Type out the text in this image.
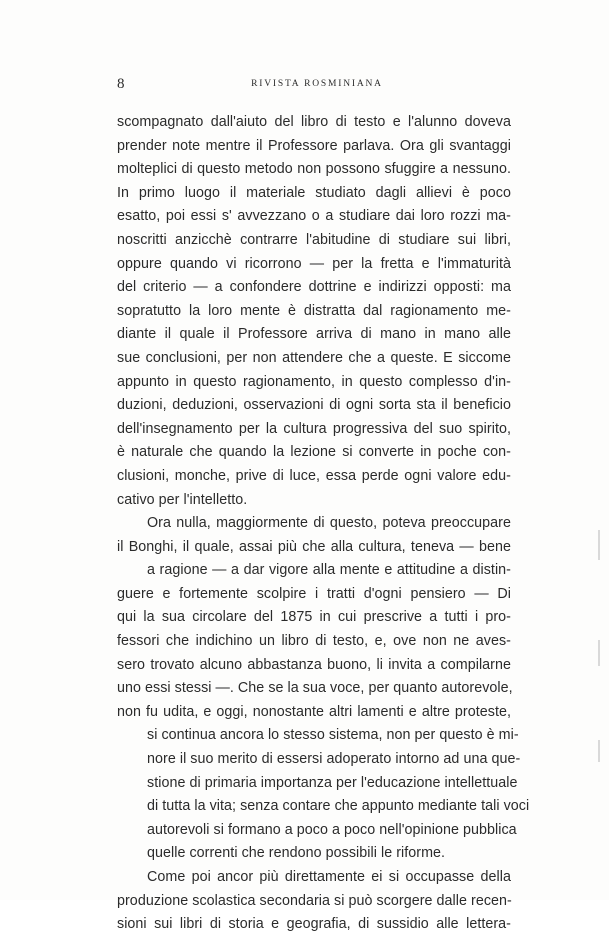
8	RIVISTA ROSMINIANA
scompagnato dall'aiuto del libro di testo e l'alunno doveva
prender note mentre il Professore parlava. Ora gli svantaggi
molteplici di questo metodo non possono sfuggire a nessuno.
In primo luogo il materiale studiato dagli allievi è poco
esatto, poi essi s' avvezzano o a studiare dai loro rozzi ma-
noscritti anzicchè contrarre l'abitudine di studiare sui libri,
oppure quando vi ricorrono — per la fretta e l'immaturità
del criterio — a confondere dottrine e indirizzi opposti: ma
sopratutto la loro mente è distratta dal ragionamento me-
diante il quale il Professore arriva di mano in mano alle
sue conclusioni, per non attendere che a queste. E siccome
appunto in questo ragionamento, in questo complesso d'in-
duzioni, deduzioni, osservazioni di ogni sorta sta il beneficio
dell'insegnamento per la cultura progressiva del suo spirito,
è naturale che quando la lezione si converte in poche con-
clusioni, monche, prive di luce, essa perde ogni valore edu-
cativo per l'intelletto.
Ora nulla, maggiormente di questo, poteva preoccupare
il Bonghi, il quale, assai più che alla cultura, teneva — bene
a ragione — a dar vigore alla mente e attitudine a distin-
guere e fortemente scolpire i tratti d'ogni pensiero — Di
qui la sua circolare del 1875 in cui prescrive a tutti i pro-
fessori che indichino un libro di testo, e, ove non ne aves-
sero trovato alcuno abbastanza buono, li invita a compilarne
uno essi stessi —. Che se la sua voce, per quanto autorevole,
non fu udita, e oggi, nonostante altri lamenti e altre proteste,
si continua ancora lo stesso sistema, non per questo è mi-
nore il suo merito di essersi adoperato intorno ad una que-
stione di primaria importanza per l'educazione intellettuale
di tutta la vita; senza contare che appunto mediante tali voci
autorevoli si formano a poco a poco nell'opinione pubblica
quelle correnti che rendono possibili le riforme.
Come poi ancor più direttamente ei si occupasse della
produzione scolastica secondaria si può scorgere dalle recen-
sioni sui libri di storia e geografia, di sussidio alle lettera-
